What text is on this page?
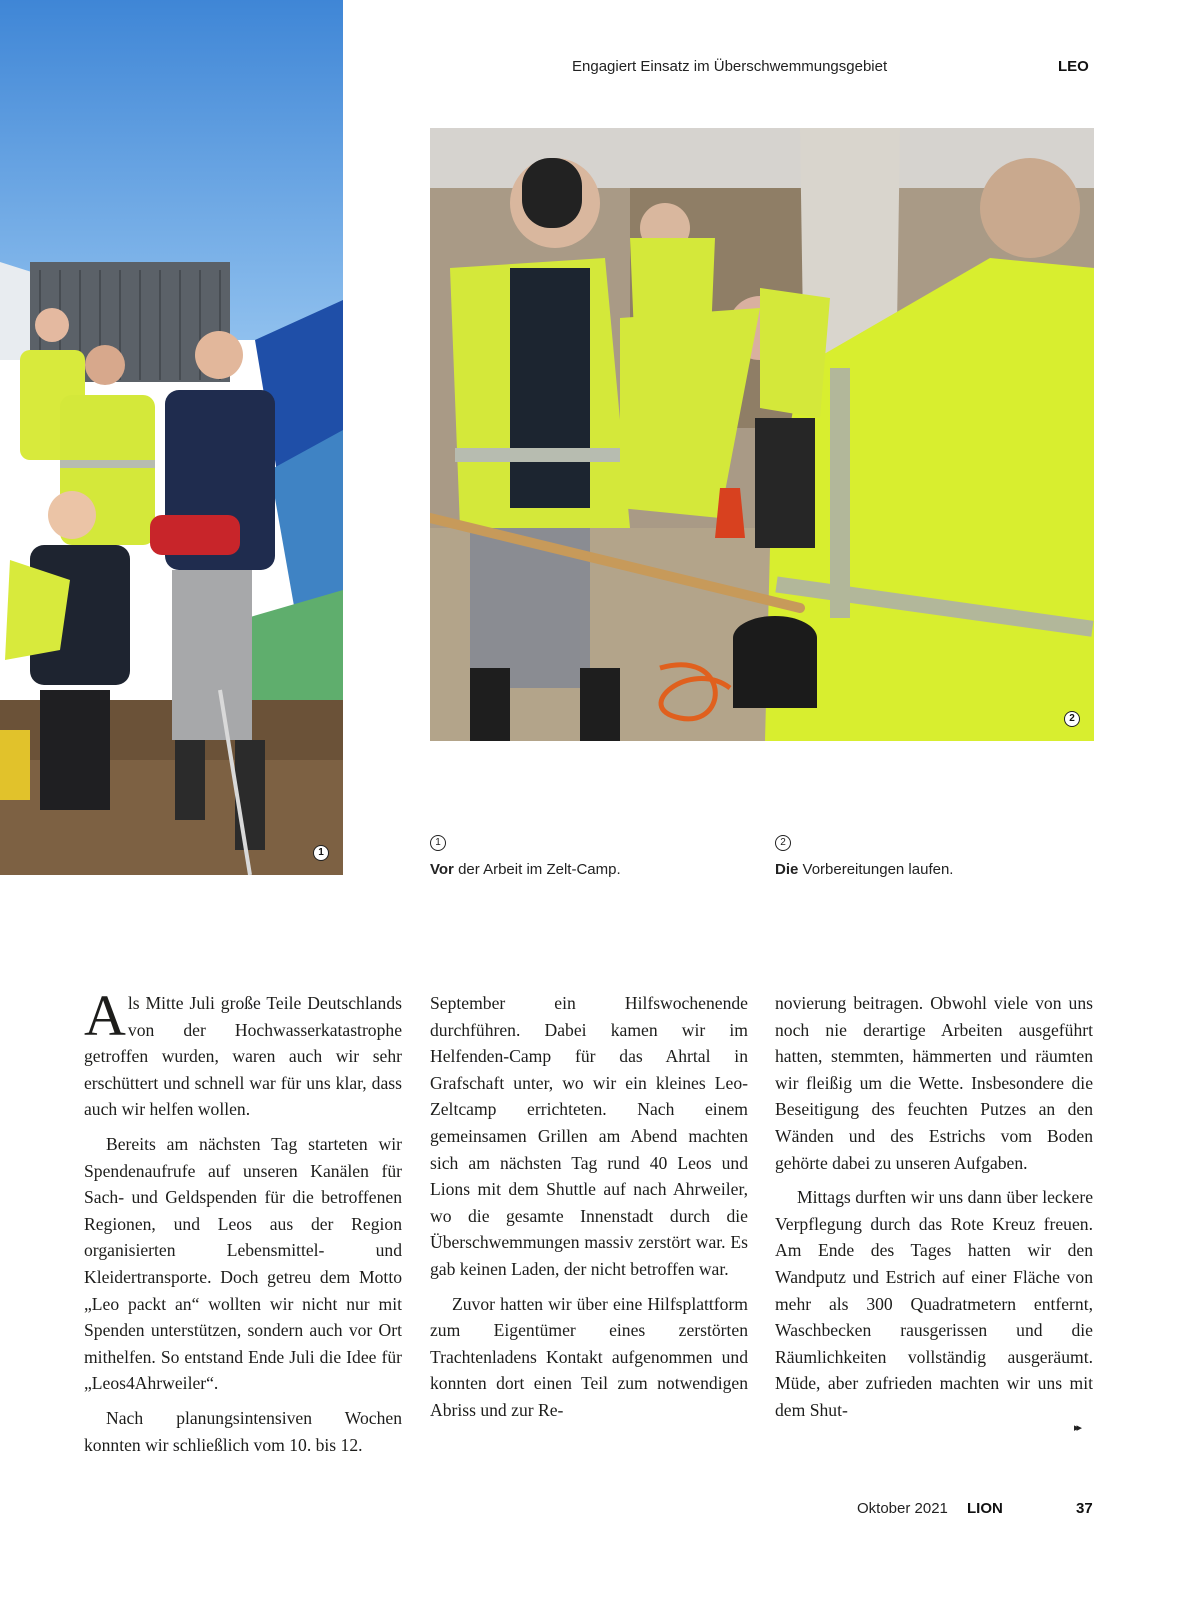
Engagiert Einsatz im Überschwemmungsgebiet	LEO
1
2
1
Vor der Arbeit im Zelt-Camp.
2
Die Vorbereitungen laufen.

Als Mitte Juli große Teile Deutschlands von der Hochwasserkatastrophe getroffen wurden, waren auch wir sehr erschüttert und schnell war für uns klar, dass auch wir helfen wollen.

Bereits am nächsten Tag starteten wir Spendenaufrufe auf unseren Kanälen für Sach- und Geldspenden für die betroffenen Regionen, und Leos aus der Region organisierten Lebensmittel- und Kleidertransporte. Doch getreu dem Motto „Leo packt an“ wollten wir nicht nur mit Spenden unterstützen, sondern auch vor Ort mithelfen. So entstand Ende Juli die Idee für „Leos4Ahrweiler“.

Nach planungsintensiven Wochen konnten wir schließlich vom 10. bis 12.

September ein Hilfswochenende durchführen. Dabei kamen wir im Helfenden-Camp für das Ahrtal in Grafschaft unter, wo wir ein kleines Leo-Zeltcamp errichteten. Nach einem gemeinsamen Grillen am Abend machten sich am nächsten Tag rund 40 Leos und Lions mit dem Shuttle auf nach Ahrweiler, wo die gesamte Innenstadt durch die Überschwemmungen massiv zerstört war. Es gab keinen Laden, der nicht betroffen war.

Zuvor hatten wir über eine Hilfsplattform zum Eigentümer eines zerstörten Trachtenladens Kontakt aufgenommen und konnten dort einen Teil zum notwendigen Abriss und zur Re-

novierung beitragen. Obwohl viele von uns noch nie derartige Arbeiten ausgeführt hatten, stemmten, hämmerten und räumten wir fleißig um die Wette. Insbesondere die Beseitigung des feuchten Putzes an den Wänden und des Estrichs vom Boden gehörte dabei zu unseren Aufgaben.

Mittags durften wir uns dann über leckere Verpflegung durch das Rote Kreuz freuen. Am Ende des Tages hatten wir den Wandputz und Estrich auf einer Fläche von mehr als 300 Quadratmetern entfernt, Waschbecken rausgerissen und die Räumlichkeiten vollständig ausgeräumt. Müde, aber zufrieden machten wir uns mit dem Shut-

▸▸
Oktober 2021 LION	37
